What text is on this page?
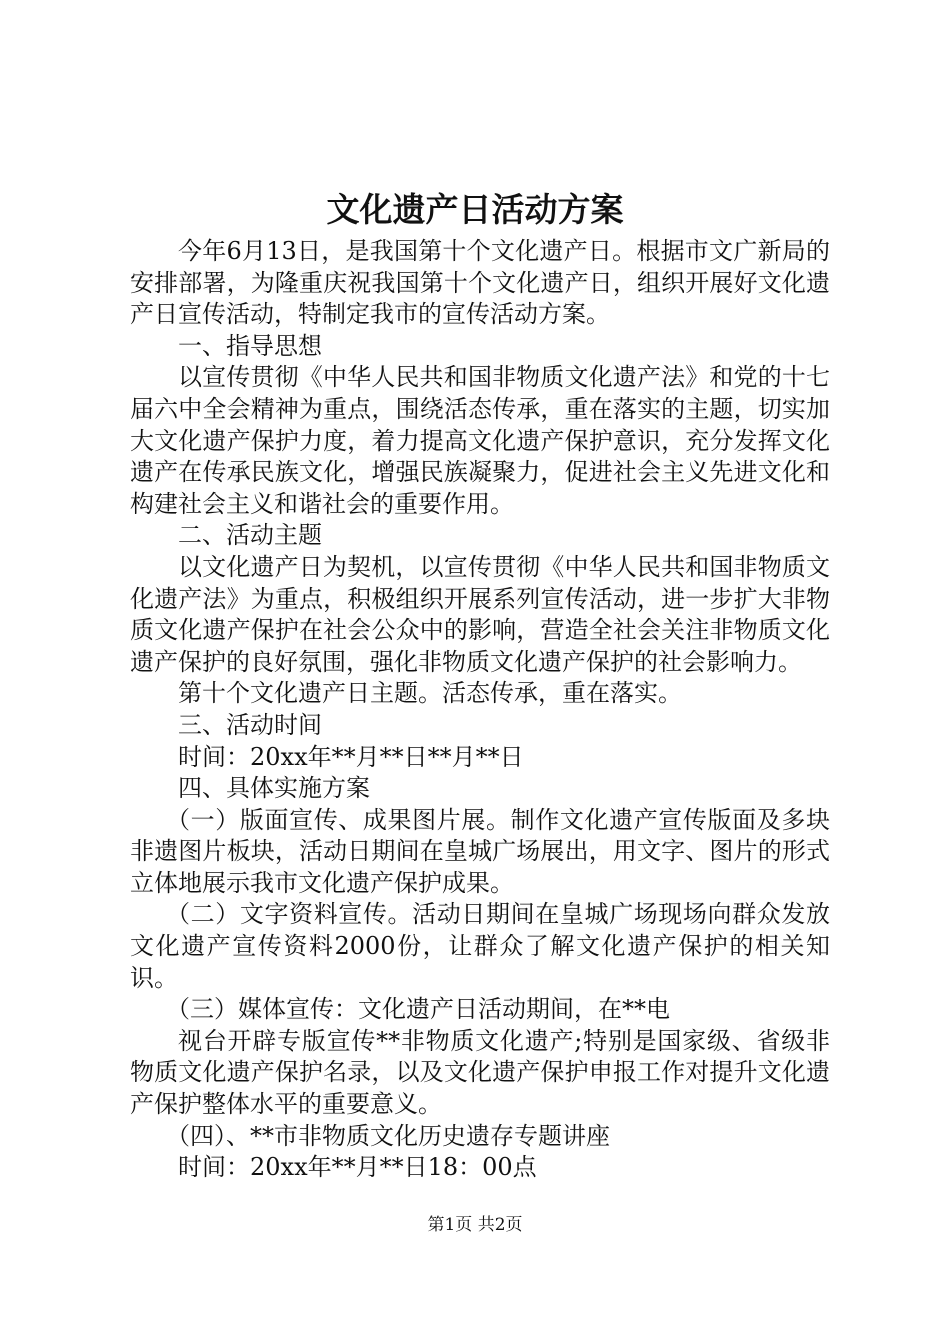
文化遗产日活动方案

今年6月13日，是我国第十个文化遗产日。根据市文广新局的安排部署，为隆重庆祝我国第十个文化遗产日，组织开展好文化遗产日宣传活动，特制定我市的宣传活动方案。

一、指导思想

以宣传贯彻《中华人民共和国非物质文化遗产法》和党的十七届六中全会精神为重点，围绕活态传承，重在落实的主题，切实加大文化遗产保护力度，着力提高文化遗产保护意识，充分发挥文化遗产在传承民族文化，增强民族凝聚力，促进社会主义先进文化和构建社会主义和谐社会的重要作用。

二、活动主题

以文化遗产日为契机，以宣传贯彻《中华人民共和国非物质文化遗产法》为重点，积极组织开展系列宣传活动，进一步扩大非物质文化遗产保护在社会公众中的影响，营造全社会关注非物质文化遗产保护的良好氛围，强化非物质文化遗产保护的社会影响力。

第十个文化遗产日主题。活态传承，重在落实。

三、活动时间

时间：20xx年**月**日**月**日

四、具体实施方案

（一）版面宣传、成果图片展。制作文化遗产宣传版面及多块非遗图片板块，活动日期间在皇城广场展出，用文字、图片的形式立体地展示我市文化遗产保护成果。

（二）文字资料宣传。活动日期间在皇城广场现场向群众发放文化遗产宣传资料2000份，让群众了解文化遗产保护的相关知识。

（三）媒体宣传：文化遗产日活动期间，在**电

视台开辟专版宣传**非物质文化遗产;特别是国家级、省级非物质文化遗产保护名录，以及文化遗产保护申报工作对提升文化遗产保护整体水平的重要意义。

（四）、**市非物质文化历史遗存专题讲座

时间：20xx年**月**日18：00点

第1页 共2页
